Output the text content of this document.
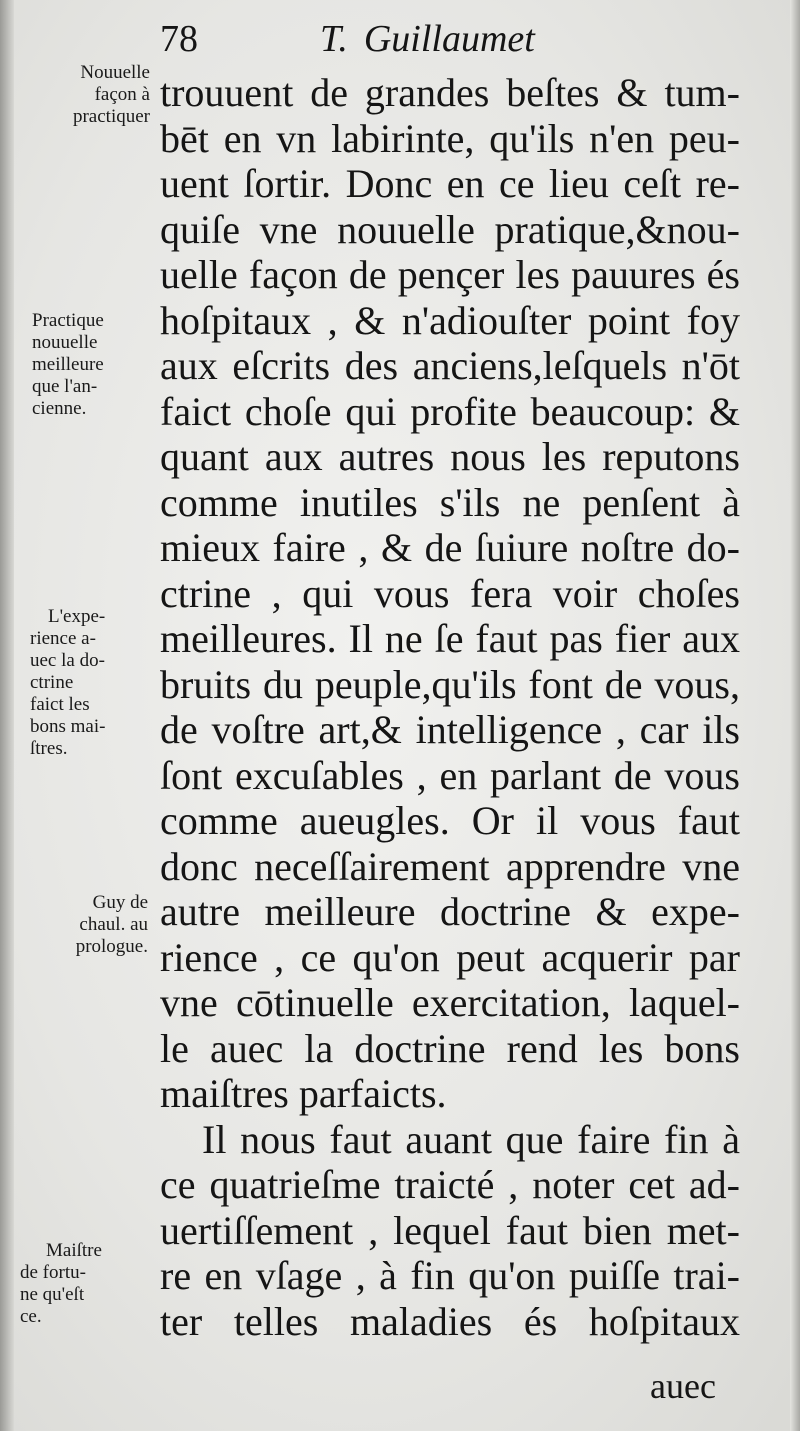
78	T. Guillaumet
trouuent de grandes beſtes & tum-
bēt en vn labirinte, qu'ils n'en peu-
uent ſortir. Donc en ce lieu ceſt re-
quiſe vne nouuelle pratique,&nou-
uelle façon de pençer les pauures és
hoſpitaux , & n'adiouſter point foy
aux eſcrits des anciens,leſquels n'ōt
faict choſe qui profite beaucoup: &
quant aux autres nous les reputons
comme inutiles s'ils ne penſent à
mieux faire , & de ſuiure noſtre do-
ctrine , qui vous fera voir choſes
meilleures. Il ne ſe faut pas fier aux
bruits du peuple,qu'ils font de vous,
de voſtre art,& intelligence , car ils
ſont excuſables , en parlant de vous
comme aueugles. Or il vous faut
donc neceſſairement apprendre vne
autre meilleure doctrine & expe-
rience , ce qu'on peut acquerir par
vne cōtinuelle exercitation, laquel-
le auec la doctrine rend les bons
maiſtres parfaicts.
Il nous faut auant que faire fin à
ce quatrieſme traicté , noter cet ad-
uertiſſement , lequel faut bien met-
re en vſage , à fin qu'on puiſſe trai-
ter telles maladies és hoſpitaux
auec
Nouuelle
façon à
practiquer
Practique
nouuelle
meilleure
que l'an-
cienne.
L'expe-
rience a-
uec la do-
ctrine
faict les
bons mai-
ſtres.
Guy de
chaul. au
prologue.
Maiſtre
de fortu-
ne qu'eſt
ce.
